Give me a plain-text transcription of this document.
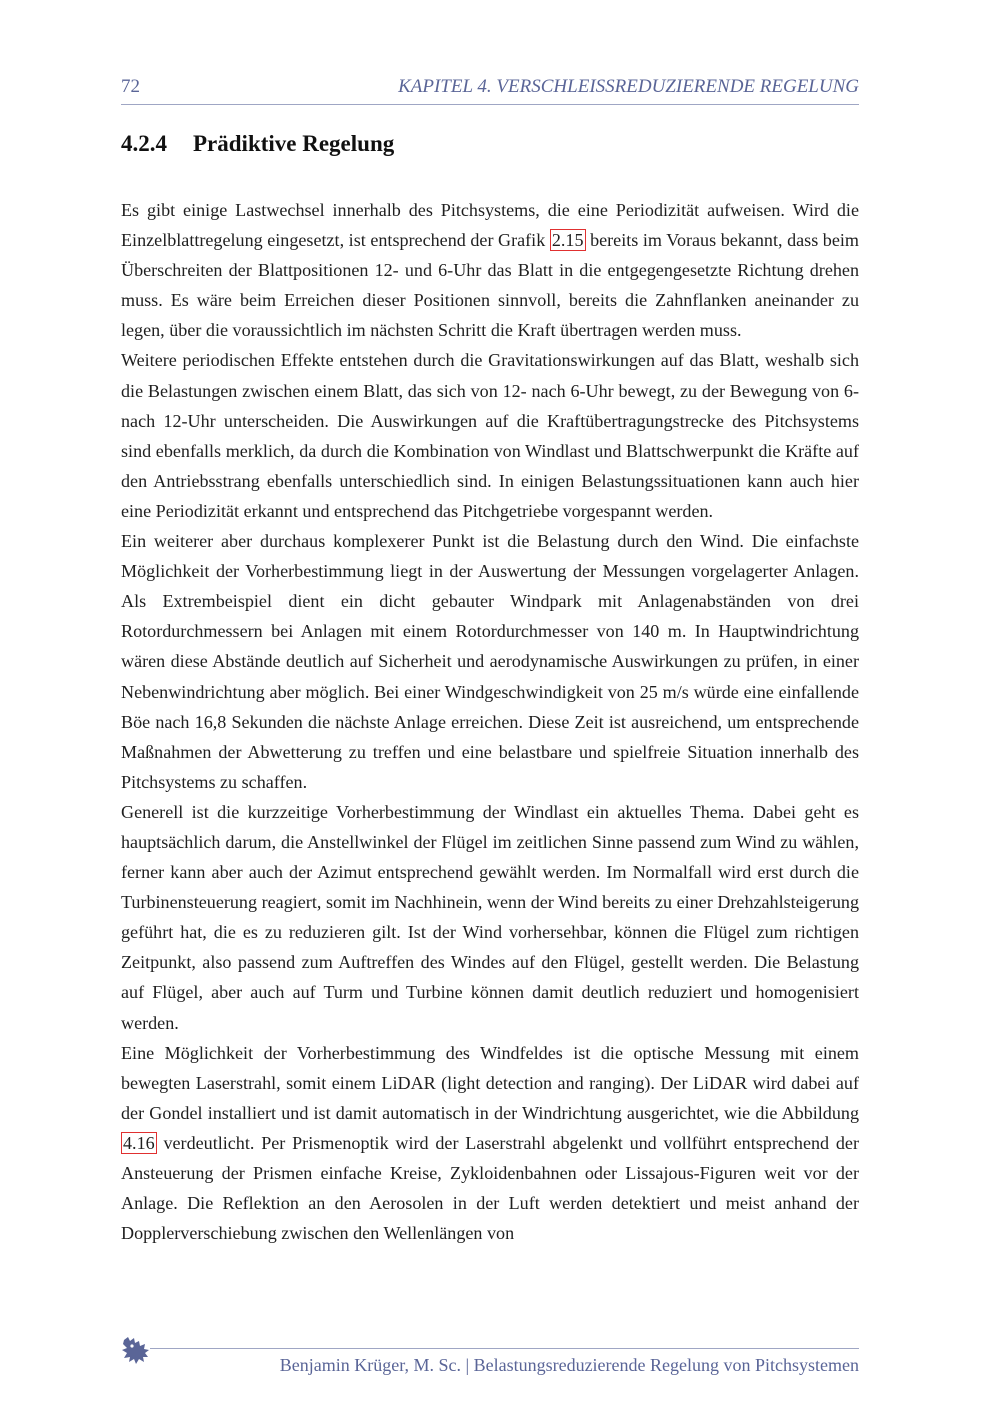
72	KAPITEL 4. VERSCHLEISSREDUZIERENDE REGELUNG
4.2.4 Prädiktive Regelung

Es gibt einige Lastwechsel innerhalb des Pitchsystems, die eine Periodizität aufweisen. Wird die Einzelblattregelung eingesetzt, ist entsprechend der Grafik 2.15 bereits im Voraus bekannt, dass beim Überschreiten der Blattpositionen 12- und 6-Uhr das Blatt in die entgegengesetzte Richtung drehen muss. Es wäre beim Erreichen dieser Positionen sinnvoll, bereits die Zahnflanken aneinander zu legen, über die voraussichtlich im nächsten Schritt die Kraft übertragen werden muss.

Weitere periodischen Effekte entstehen durch die Gravitationswirkungen auf das Blatt, weshalb sich die Belastungen zwischen einem Blatt, das sich von 12- nach 6-Uhr bewegt, zu der Bewegung von 6- nach 12-Uhr unterscheiden. Die Auswirkungen auf die Kraftübertragungstrecke des Pitchsystems sind ebenfalls merklich, da durch die Kombination von Windlast und Blattschwerpunkt die Kräfte auf den Antriebsstrang ebenfalls unterschiedlich sind. In einigen Belastungssituationen kann auch hier eine Periodizität erkannt und entsprechend das Pitchgetriebe vorgespannt werden.

Ein weiterer aber durchaus komplexerer Punkt ist die Belastung durch den Wind. Die einfachste Möglichkeit der Vorherbestimmung liegt in der Auswertung der Messungen vorgelagerter Anlagen. Als Extrembeispiel dient ein dicht gebauter Windpark mit Anlagenabständen von drei Rotordurchmessern bei Anlagen mit einem Rotordurchmesser von 140 m. In Hauptwindrichtung wären diese Abstände deutlich auf Sicherheit und aerodynamische Auswirkungen zu prüfen, in einer Nebenwindrichtung aber möglich. Bei einer Windgeschwindigkeit von 25 m/s würde eine einfallende Böe nach 16,8 Sekunden die nächste Anlage erreichen. Diese Zeit ist ausreichend, um entsprechende Maßnahmen der Abwetterung zu treffen und eine belastbare und spielfreie Situation innerhalb des Pitchsystems zu schaffen.

Generell ist die kurzzeitige Vorherbestimmung der Windlast ein aktuelles Thema. Dabei geht es hauptsächlich darum, die Anstellwinkel der Flügel im zeitlichen Sinne passend zum Wind zu wählen, ferner kann aber auch der Azimut entsprechend gewählt werden. Im Normalfall wird erst durch die Turbinensteuerung reagiert, somit im Nachhinein, wenn der Wind bereits zu einer Drehzahlsteigerung geführt hat, die es zu reduzieren gilt. Ist der Wind vorhersehbar, können die Flügel zum richtigen Zeitpunkt, also passend zum Auftreffen des Windes auf den Flügel, gestellt werden. Die Belastung auf Flügel, aber auch auf Turm und Turbine können damit deutlich reduziert und homogenisiert werden.

Eine Möglichkeit der Vorherbestimmung des Windfeldes ist die optische Messung mit einem bewegten Laserstrahl, somit einem LiDAR (light detection and ranging). Der LiDAR wird dabei auf der Gondel installiert und ist damit automatisch in der Windrichtung ausgerichtet, wie die Abbildung 4.16 verdeutlicht. Per Prismenoptik wird der Laserstrahl abgelenkt und vollführt entsprechend der Ansteuerung der Prismen einfache Kreise, Zykloidenbahnen oder Lissajous-Figuren weit vor der Anlage. Die Reflektion an den Aerosolen in der Luft werden detektiert und meist anhand der Dopplerverschiebung zwischen den Wellenlängen von

Benjamin Krüger, M. Sc. | Belastungsreduzierende Regelung von Pitchsystemen
